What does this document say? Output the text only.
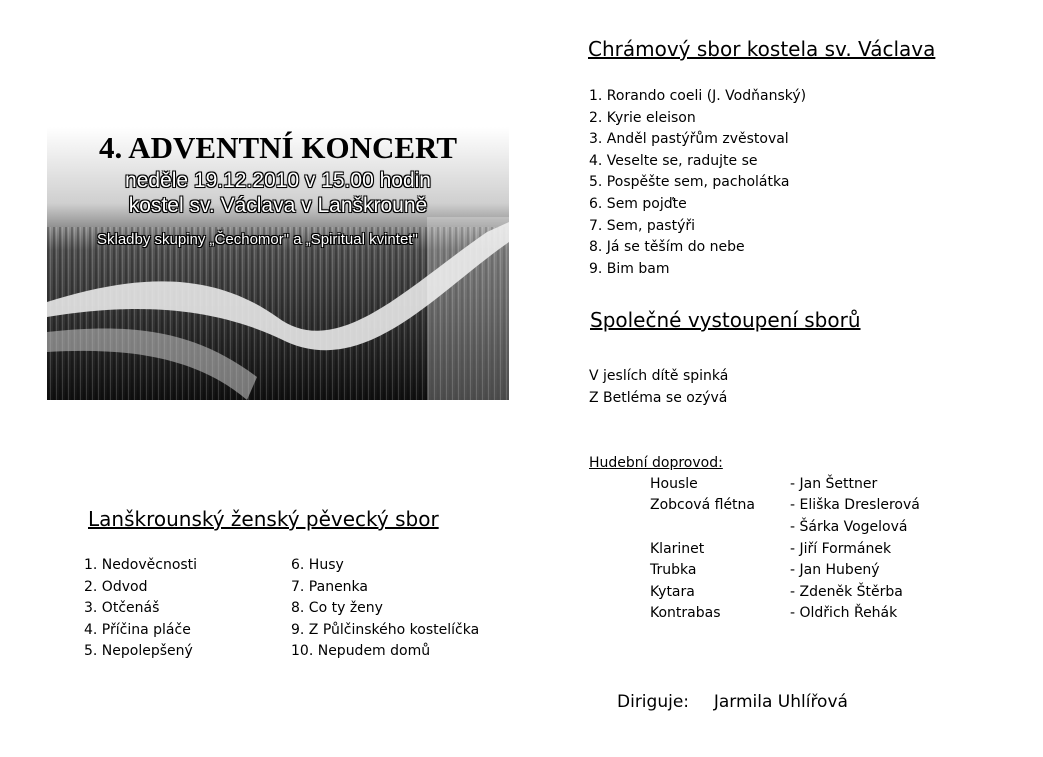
4. ADVENTNÍ KONCERT
neděle 19.12.2010 v 15.00 hodin
kostel sv. Václava v Lanškrouně
Skladby skupiny „Čechomor" a „Spiritual kvintet"
Lanškrounský ženský pěvecký sbor
1. Nedověcnosti
2. Odvod
3. Otčenáš
4. Příčina pláče
5. Nepolepšený
6. Husy
7. Panenka
8. Co ty ženy
9. Z Půlčinského kostelíčka
10. Nepudem domů
Chrámový sbor kostela sv. Václava
1. Rorando coeli (J. Vodňanský)
2. Kyrie eleison
3. Anděl pastýřům zvěstoval
4. Veselte se, radujte se
5. Pospěšte sem, pacholátka
6. Sem pojďte
7. Sem, pastýři
8. Já se těším do nebe
9. Bim bam
Společné vystoupení sborů
V jeslích dítě spinká
Z Betléma se ozývá
Hudební doprovod:
Housle	- Jan Šettner
Zobcová flétna	- Eliška Dreslerová
	- Šárka Vogelová
Klarinet	- Jiří Formánek
Trubka	- Jan Hubený
Kytara	- Zdeněk Štěrba
Kontrabas	- Oldřich Řehák
Diriguje: Jarmila Uhlířová
